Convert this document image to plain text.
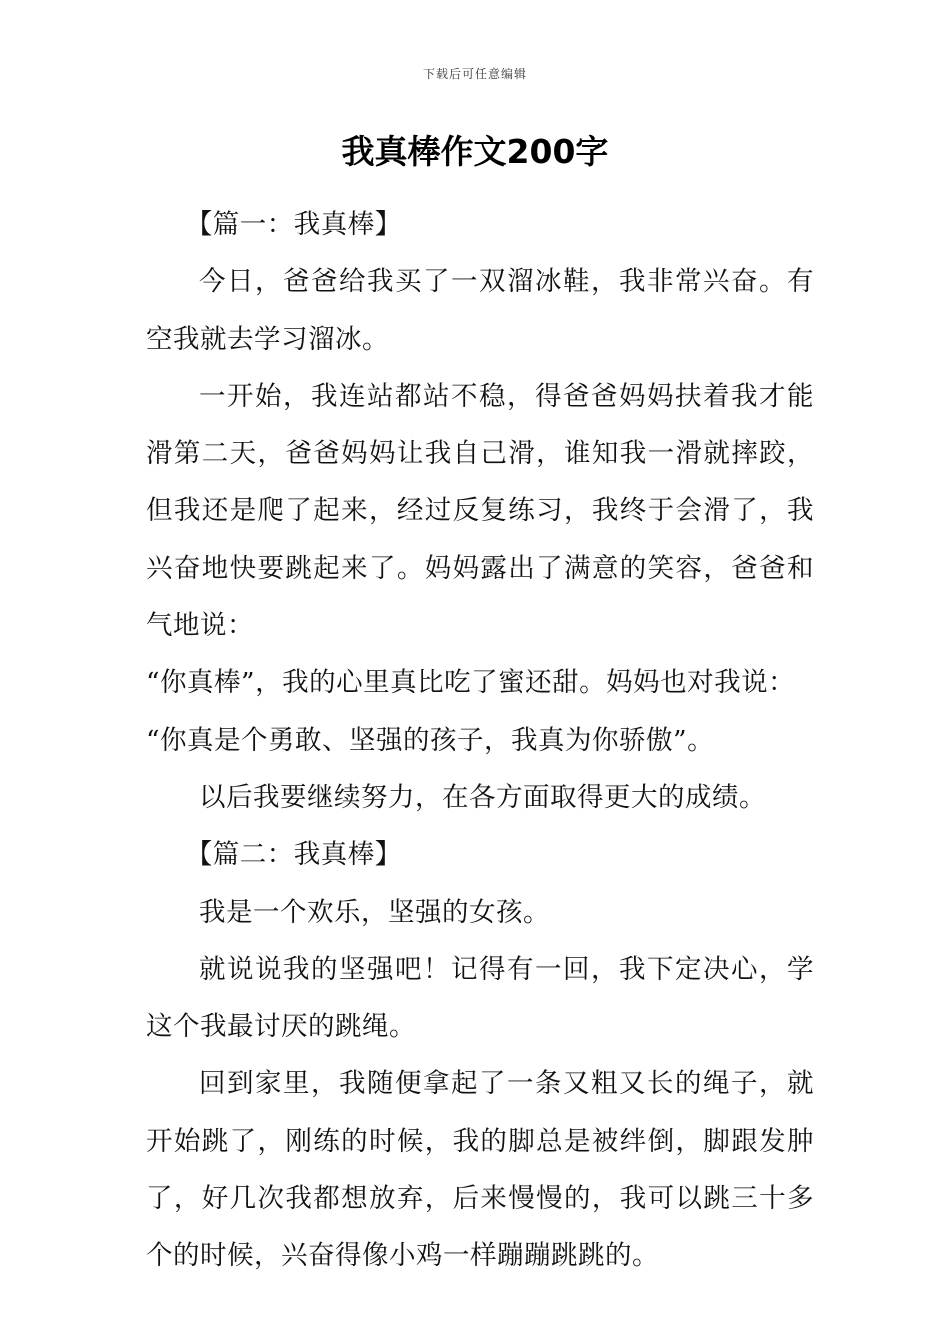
下载后可任意编辑
我真棒作文200字

【篇一：我真棒】

今日，爸爸给我买了一双溜冰鞋，我非常兴奋。有空我就去学习溜冰。

一开始，我连站都站不稳，得爸爸妈妈扶着我才能滑第二天，爸爸妈妈让我自己滑，谁知我一滑就摔跤，但我还是爬了起来，经过反复练习，我终于会滑了，我兴奋地快要跳起来了。妈妈露出了满意的笑容，爸爸和气地说：

“你真棒”，我的心里真比吃了蜜还甜。妈妈也对我说：

“你真是个勇敢、坚强的孩子，我真为你骄傲”。

以后我要继续努力，在各方面取得更大的成绩。

【篇二：我真棒】

我是一个欢乐，坚强的女孩。

就说说我的坚强吧！记得有一回，我下定决心，学这个我最讨厌的跳绳。

回到家里，我随便拿起了一条又粗又长的绳子，就开始跳了，刚练的时候，我的脚总是被绊倒，脚跟发肿了，好几次我都想放弃，后来慢慢的，我可以跳三十多个的时候，兴奋得像小鸡一样蹦蹦跳跳的。
